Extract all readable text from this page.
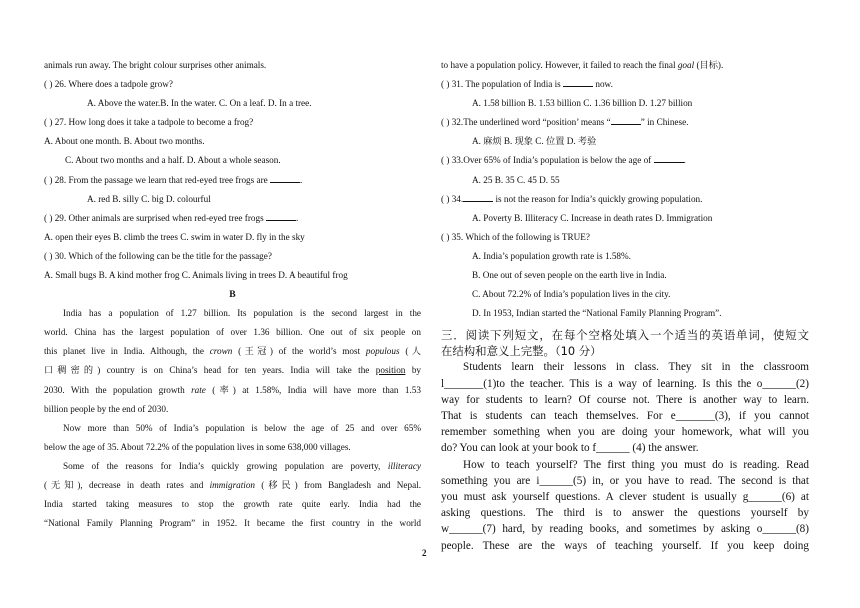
animals run away. The bright colour surprises other animals.
( ) 26. Where does a tadpole grow?
A. Above the water.B. In the water. C. On a leaf. D. In a tree.
( ) 27. How long does it take a tadpole to become a frog?
A. About one month. B. About two months.
C. About two months and a half. D. About a whole season.
( ) 28. From the passage we learn that red-eyed tree frogs are	.
A. red B. silly C. big D. colourful
( ) 29. Other animals are surprised when red-eyed tree frogs	.
A. open their eyes B. climb the trees C. swim in water D. fly in the sky
( ) 30. Which of the following can be the title for the passage?
A. Small bugs B. A kind mother frog C. Animals living in trees D. A beautiful frog
B
India has a population of 1.27 billion. Its population is the second largest in the
world. China has the largest population of over 1.36 billion. One out of six people on
this planet live in India. Although, the crown (王冠) of the world’s most populous (人
口稠密的) country is on China’s head for ten years. India will take the position by
2030. With the population growth rate (率) at 1.58%, India will have more than 1.53
billion people by the end of 2030.
Now more than 50% of India’s population is below the age of 25 and over 65%
below the age of 35. About 72.2% of the population lives in some 638,000 villages.
Some of the reasons for India’s quickly growing population are poverty, illiteracy
(无知), decrease in death rates and immigration (移民) from Bangladesh and Nepal.
India started taking measures to stop the growth rate quite early. India had the
“National Family Planning Program” in 1952. It became the first country in the world
to have a population policy. However, it failed to reach the final goal (目标).
( ) 31. The population of India is	now.
A. 1.58 billion B. 1.53 billion C. 1.36 billion D. 1.27 billion
( ) 32.The underlined word “position’ means “	” in Chinese.
A. 麻烦 B. 现象 C. 位置 D. 考验
( ) 33.Over 65% of India’s population is below the age of	.
A. 25 B. 35 C. 45 D. 55
( ) 34.	is not the reason for India’s quickly growing population.
A. Poverty B. Illiteracy C. Increase in death rates D. Immigration
( ) 35. Which of the following is TRUE?
A. India’s population growth rate is 1.58%.
B. One out of seven people on the earth live in India.
C. About 72.2% of India’s population lives in the city.
D. In 1953, Indian started the “National Family Planning Program”.
三．阅读下列短文，在每个空格处填入一个适当的英语单词，使短文
在结构和意义上完整。（10 分）
Students learn their lessons in class. They sit in the classroom
l_______(1)to the teacher. This is a way of learning. Is this the o______(2)
way for students to learn? Of course not. There is another way to learn.
That is students can teach themselves. For e_______(3), if you cannot
remember something when you are doing your homework, what will you
do? You can look at your book to f______ (4) the answer.
How to teach yourself? The first thing you must do is reading. Read
something you are i______(5) in, or you have to read. The second is that
you must ask yourself questions. A clever student is usually g______(6) at
asking questions. The third is to answer the questions yourself by
w______(7) hard, by reading books, and sometimes by asking o______(8)
people. These are the ways of teaching yourself. If you keep doing
2
